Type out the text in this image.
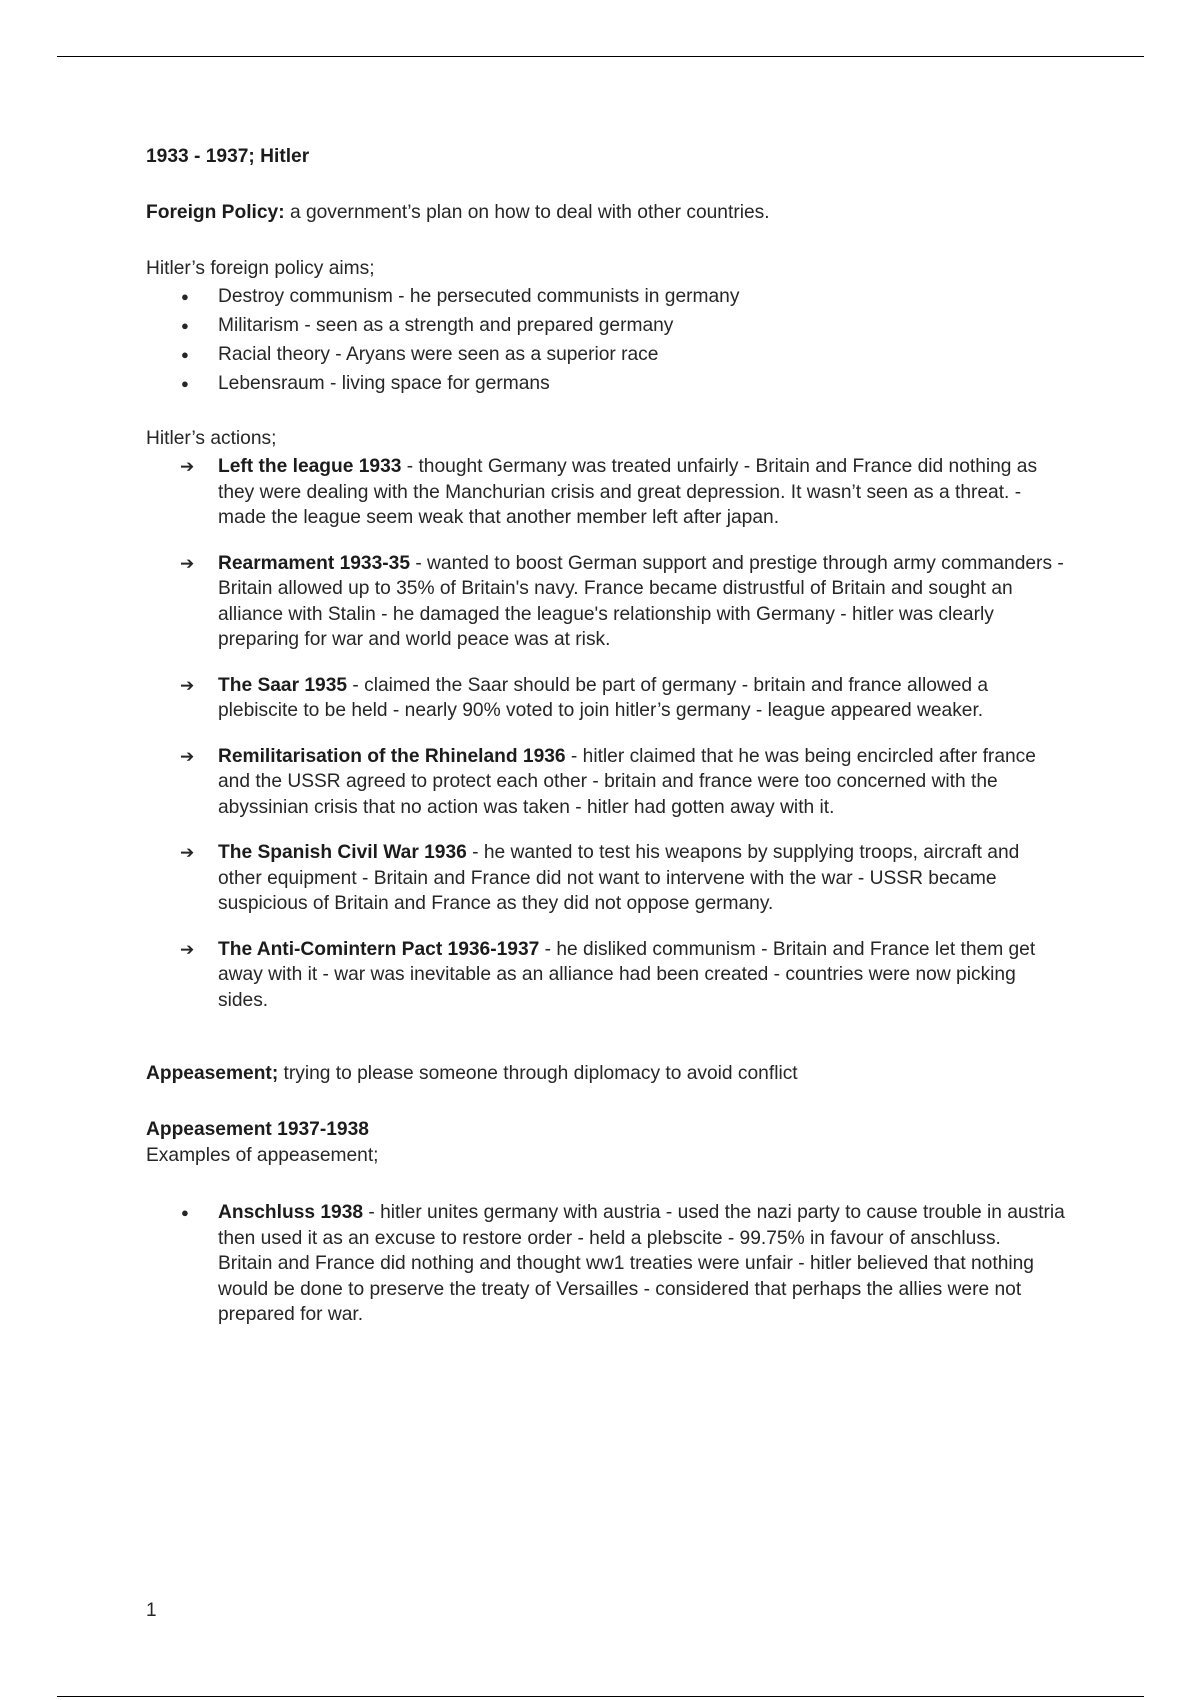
1933 - 1937; Hitler

Foreign Policy: a government’s plan on how to deal with other countries.

Hitler’s foreign policy aims;

● Destroy communism - he persecuted communists in germany
● Militarism - seen as a strength and prepared germany
● Racial theory - Aryans were seen as a superior race
● Lebensraum - living space for germans

Hitler’s actions;

➔ Left the league 1933 - thought Germany was treated unfairly - Britain and France did nothing as they were dealing with the Manchurian crisis and great depression. It wasn’t seen as a threat. - made the league seem weak that another member left after japan.
➔ Rearmament 1933-35 - wanted to boost German support and prestige through army commanders - Britain allowed up to 35% of Britain's navy. France became distrustful of Britain and sought an alliance with Stalin - he damaged the league's relationship with Germany - hitler was clearly preparing for war and world peace was at risk.
➔ The Saar 1935 - claimed the Saar should be part of germany - britain and france allowed a plebiscite to be held - nearly 90% voted to join hitler’s germany - league appeared weaker.
➔ Remilitarisation of the Rhineland 1936 - hitler claimed that he was being encircled after france and the USSR agreed to protect each other - britain and france were too concerned with the abyssinian crisis that no action was taken - hitler had gotten away with it.
➔ The Spanish Civil War 1936 - he wanted to test his weapons by supplying troops, aircraft and other equipment - Britain and France did not want to intervene with the war - USSR became suspicious of Britain and France as they did not oppose germany.
➔ The Anti-Comintern Pact 1936-1937 - he disliked communism - Britain and France let them get away with it - war was inevitable as an alliance had been created - countries were now picking sides.

Appeasement; trying to please someone through diplomacy to avoid conflict

Appeasement 1937-1938

Examples of appeasement;

● Anschluss 1938 - hitler unites germany with austria - used the nazi party to cause trouble in austria then used it as an excuse to restore order - held a plebscite - 99.75% in favour of anschluss.
Britain and France did nothing and thought ww1 treaties were unfair - hitler believed that nothing would be done to preserve the treaty of Versailles - considered that perhaps the allies were not prepared for war.
1
